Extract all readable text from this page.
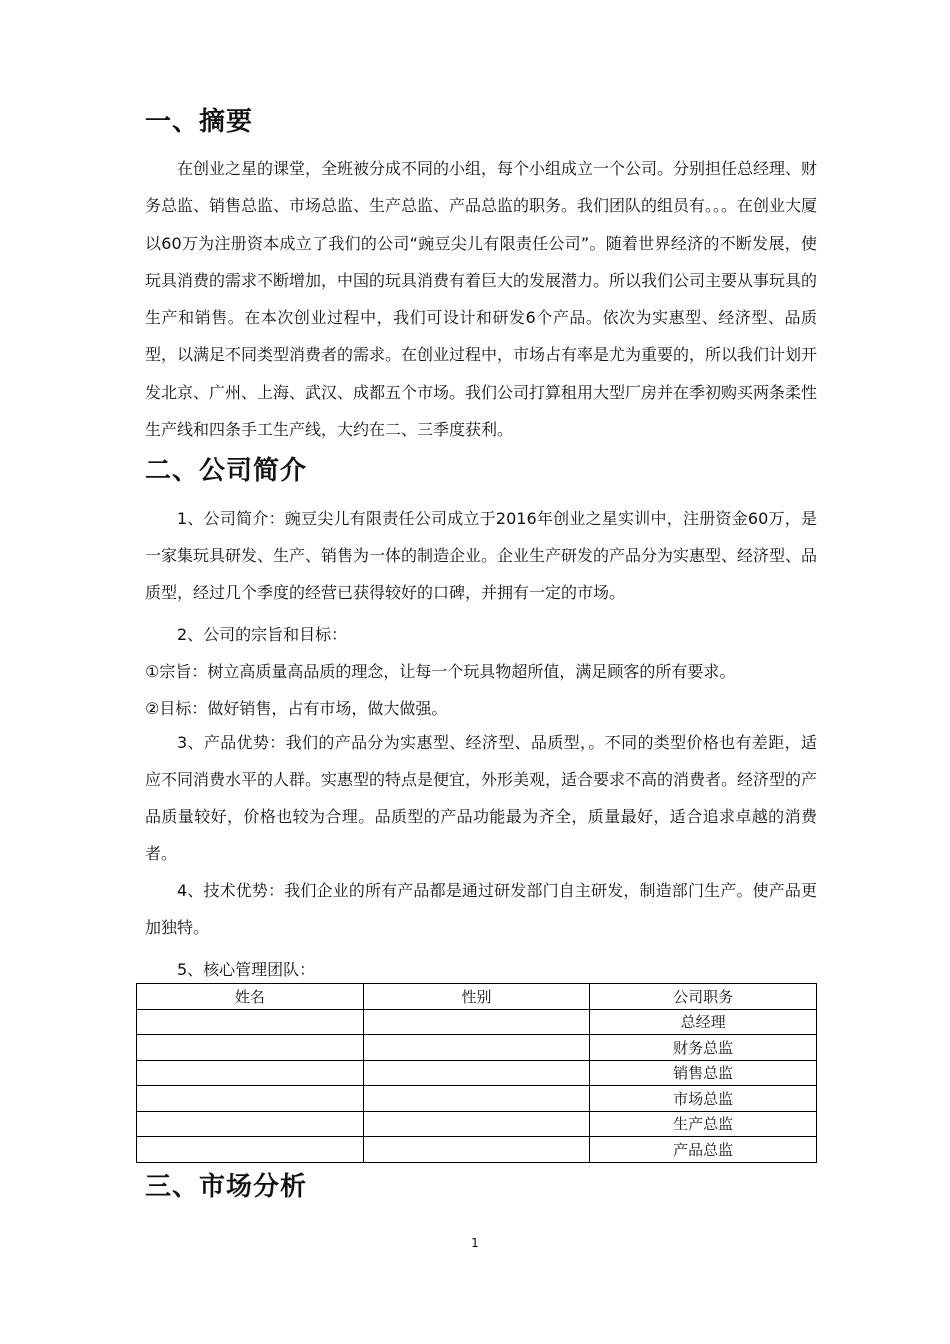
一、摘要

在创业之星的课堂，全班被分成不同的小组，每个小组成立一个公司。分别担任总经理、财务总监、销售总监、市场总监、生产总监、产品总监的职务。我们团队的组员有。。。在创业大厦以60万为注册资本成立了我们的公司“豌豆尖儿有限责任公司”。随着世界经济的不断发展，使玩具消费的需求不断增加，中国的玩具消费有着巨大的发展潜力。所以我们公司主要从事玩具的生产和销售。在本次创业过程中，我们可设计和研发6个产品。依次为实惠型、经济型、品质型，以满足不同类型消费者的需求。在创业过程中，市场占有率是尤为重要的，所以我们计划开发北京、广州、上海、武汉、成都五个市场。我们公司打算租用大型厂房并在季初购买两条柔性生产线和四条手工生产线，大约在二、三季度获利。

二、公司简介

1、公司简介：豌豆尖儿有限责任公司成立于2016年创业之星实训中，注册资金60万，是一家集玩具研发、生产、销售为一体的制造企业。企业生产研发的产品分为实惠型、经济型、品质型，经过几个季度的经营已获得较好的口碑，并拥有一定的市场。

2、公司的宗旨和目标：
①宗旨：树立高质量高品质的理念，让每一个玩具物超所值，满足顾客的所有要求。
②目标：做好销售，占有市场，做大做强。

3、产品优势：我们的产品分为实惠型、经济型、品质型，。不同的类型价格也有差距，适应不同消费水平的人群。实惠型的特点是便宜，外形美观，适合要求不高的消费者。经济型的产品质量较好，价格也较为合理。品质型的产品功能最为齐全，质量最好，适合追求卓越的消费者。

4、技术优势：我们企业的所有产品都是通过研发部门自主研发，制造部门生产。使产品更加独特。

5、核心管理团队：
姓名	性别	公司职务
		总经理
		财务总监
		销售总监
		市场总监
		生产总监
		产品总监
三、市场分析
1
